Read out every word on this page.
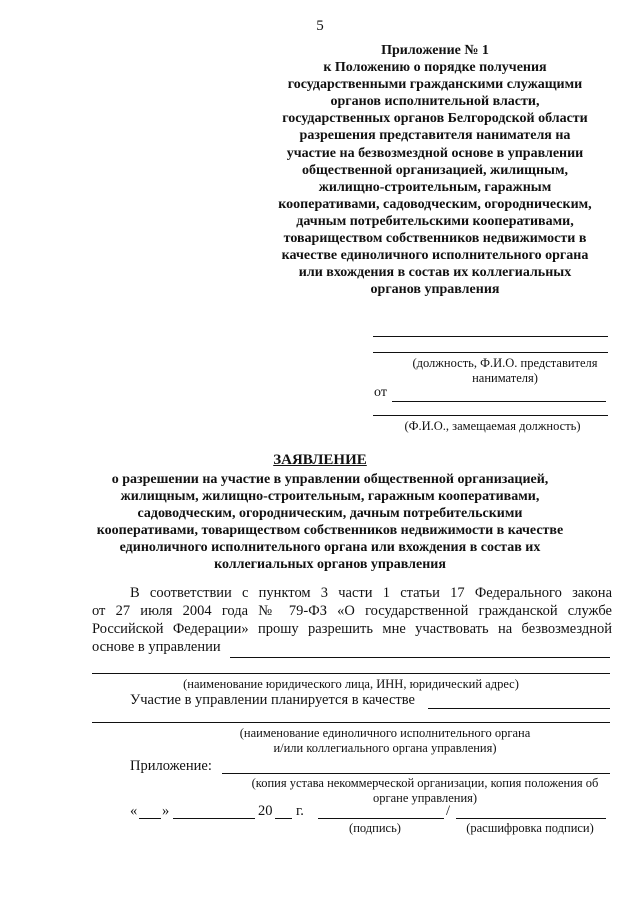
5
Приложение № 1
к Положению о порядке получения
государственными гражданскими служащими
органов исполнительной власти,
государственных органов Белгородской области
разрешения представителя нанимателя на
участие на безвозмездной основе в управлении
общественной организацией, жилищным,
жилищно-строительным, гаражным
кооперативами, садоводческим, огородническим,
дачным потребительскими кооперативами,
товариществом собственников недвижимости в
качестве единоличного исполнительного органа
или вхождения в состав их коллегиальных
органов управления
(должность, Ф.И.О. представителя
нанимателя)
от
(Ф.И.О., замещаемая должность)
ЗАЯВЛЕНИЕ
о разрешении на участие в управлении общественной организацией,
жилищным, жилищно-строительным, гаражным кооперативами,
садоводческим, огородническим, дачным потребительскими
кооперативами, товариществом собственников недвижимости в качестве
единоличного исполнительного органа или вхождения в состав их
коллегиальных органов управления
В соответствии с пунктом 3 части 1 статьи 17 Федерального закона
от 27 июля 2004 года № 79-ФЗ «О государственной гражданской службе
Российской Федерации» прошу разрешить мне участвовать на безвозмездной
основе в управлении
(наименование юридического лица, ИНН, юридический адрес)
Участие в управлении планируется в качестве
(наименование единоличного исполнительного органа
и/или коллегиального органа управления)
Приложение:
(копия устава некоммерческой организации, копия положения об
органе управления)
« »	20 г.	/
(подпись)	(расшифровка подписи)
